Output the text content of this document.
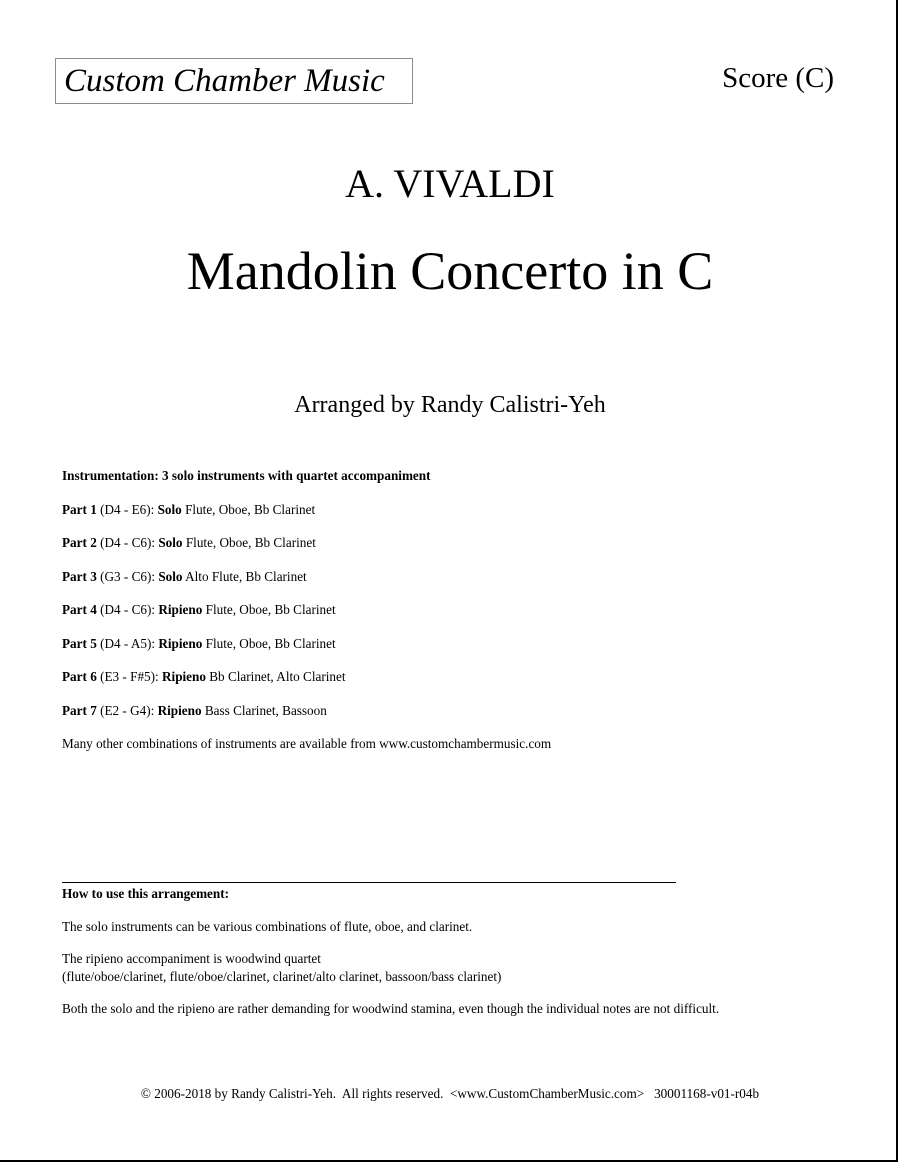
Custom Chamber Music	Score (C)
A. VIVALDI
Mandolin Concerto in C
Arranged by Randy Calistri-Yeh
Instrumentation: 3 solo instruments with quartet accompaniment
Part 1 (D4 - E6): Solo Flute, Oboe, Bb Clarinet
Part 2 (D4 - C6): Solo Flute, Oboe, Bb Clarinet
Part 3 (G3 - C6): Solo Alto Flute, Bb Clarinet
Part 4 (D4 - C6): Ripieno Flute, Oboe, Bb Clarinet
Part 5 (D4 - A5): Ripieno Flute, Oboe, Bb Clarinet
Part 6 (E3 - F#5): Ripieno Bb Clarinet, Alto Clarinet
Part 7 (E2 - G4): Ripieno Bass Clarinet, Bassoon
Many other combinations of instruments are available from www.customchambermusic.com
How to use this arrangement:

The solo instruments can be various combinations of flute, oboe, and clarinet.

The ripieno accompaniment is woodwind quartet

(flute/oboe/clarinet, flute/oboe/clarinet, clarinet/alto clarinet, bassoon/bass clarinet)

Both the solo and the ripieno are rather demanding for woodwind stamina, even though the individual notes are not difficult.

© 2006-2018 by Randy Calistri-Yeh.  All rights reserved.  <www.CustomChamberMusic.com>   30001168-v01-r04b
